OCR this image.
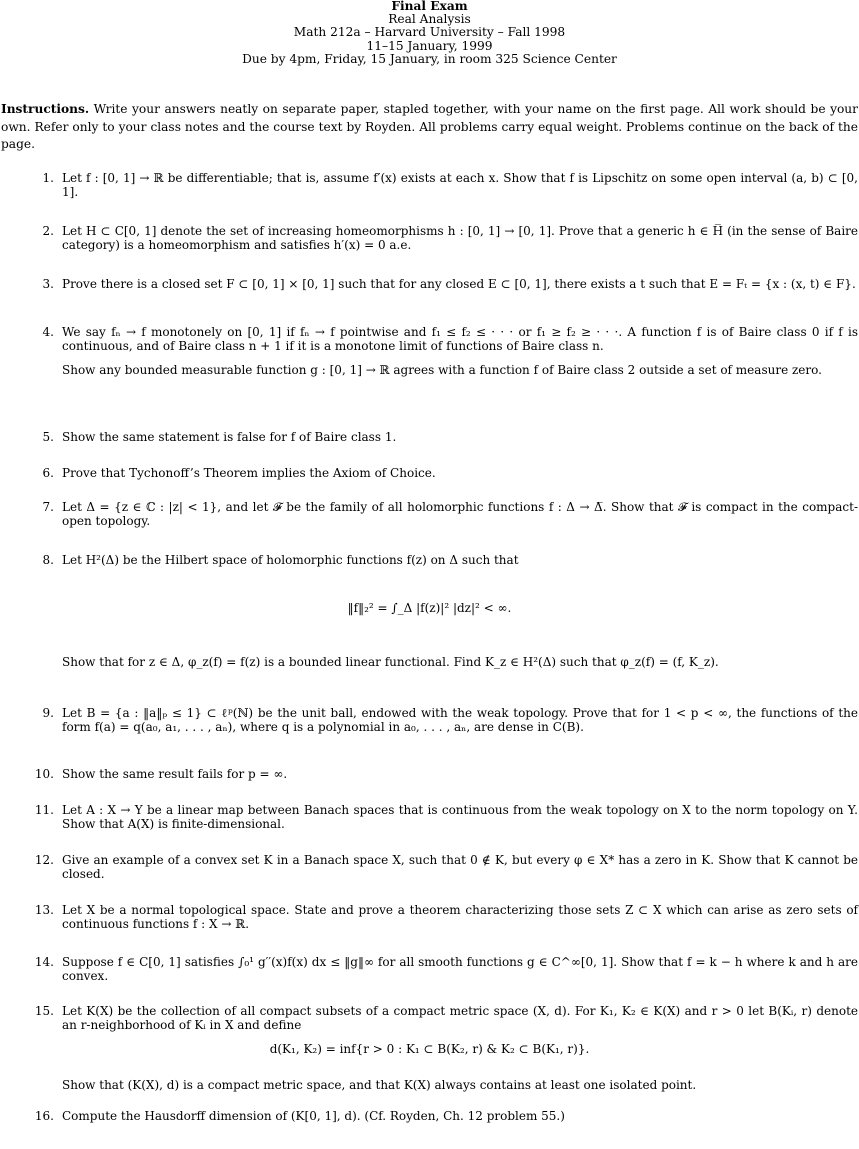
Final Exam
Real Analysis
Math 212a – Harvard University – Fall 1998
11–15 January, 1999
Due by 4pm, Friday, 15 January, in room 325 Science Center
Instructions. Write your answers neatly on separate paper, stapled together, with your name on the first page. All work should be your own. Refer only to your class notes and the course text by Royden. All problems carry equal weight. Problems continue on the back of the page.
1. Let f : [0, 1] → ℝ be differentiable; that is, assume f′(x) exists at each x. Show that f is Lipschitz on some open interval (a, b) ⊂ [0, 1].

2. Let H ⊂ C[0, 1] denote the set of increasing homeomorphisms h : [0, 1] → [0, 1]. Prove that a generic h ∈ H̅ (in the sense of Baire category) is a homeomorphism and satisfies h′(x) = 0 a.e.

3. Prove there is a closed set F ⊂ [0, 1] × [0, 1] such that for any closed E ⊂ [0, 1], there exists a t such that E = Fₜ = {x : (x, t) ∈ F}.

4. We say fₙ → f monotonely on [0, 1] if fₙ → f pointwise and f₁ ≤ f₂ ≤ · · · or f₁ ≥ f₂ ≥ · · ·. A function f is of Baire class 0 if f is continuous, and of Baire class n + 1 if it is a monotone limit of functions of Baire class n.

Show any bounded measurable function g : [0, 1] → ℝ agrees with a function f of Baire class 2 outside a set of measure zero.

5. Show the same statement is false for f of Baire class 1.

6. Prove that Tychonoff’s Theorem implies the Axiom of Choice.

7. Let Δ = {z ∈ ℂ : |z| < 1}, and let 𝓕 be the family of all holomorphic functions f : Δ → Δ̅. Show that 𝓕 is compact in the compact-open topology.

8. Let H²(Δ) be the Hilbert space of holomorphic functions f(z) on Δ such that

‖f‖₂² = ∫_Δ |f(z)|² |dz|² < ∞.

Show that for z ∈ Δ, φ_z(f) = f(z) is a bounded linear functional. Find K_z ∈ H²(Δ) such that φ_z(f) = (f, K_z).

9. Let B = {a : ‖a‖ₚ ≤ 1} ⊂ ℓᵖ(ℕ) be the unit ball, endowed with the weak topology. Prove that for 1 < p < ∞, the functions of the form f(a) = q(a₀, a₁, . . . , aₙ), where q is a polynomial in a₀, . . . , aₙ, are dense in C(B).

10. Show the same result fails for p = ∞.

11. Let A : X → Y be a linear map between Banach spaces that is continuous from the weak topology on X to the norm topology on Y. Show that A(X) is finite-dimensional.

12. Give an example of a convex set K in a Banach space X, such that 0 ∉ K, but every φ ∈ X* has a zero in K. Show that K cannot be closed.

13. Let X be a normal topological space. State and prove a theorem characterizing those sets Z ⊂ X which can arise as zero sets of continuous functions f : X → ℝ.

14. Suppose f ∈ C[0, 1] satisfies ∫₀¹ g′′(x)f(x) dx ≤ ‖g‖∞ for all smooth functions g ∈ C^∞[0, 1]. Show that f = k − h where k and h are convex.

15. Let K(X) be the collection of all compact subsets of a compact metric space (X, d). For K₁, K₂ ∈ K(X) and r > 0 let B(Kᵢ, r) denote an r-neighborhood of Kᵢ in X and define

d(K₁, K₂) = inf{r > 0 : K₁ ⊂ B(K₂, r) & K₂ ⊂ B(K₁, r)}.

Show that (K(X), d) is a compact metric space, and that K(X) always contains at least one isolated point.

16. Compute the Hausdorff dimension of (K[0, 1], d). (Cf. Royden, Ch. 12 problem 55.)
